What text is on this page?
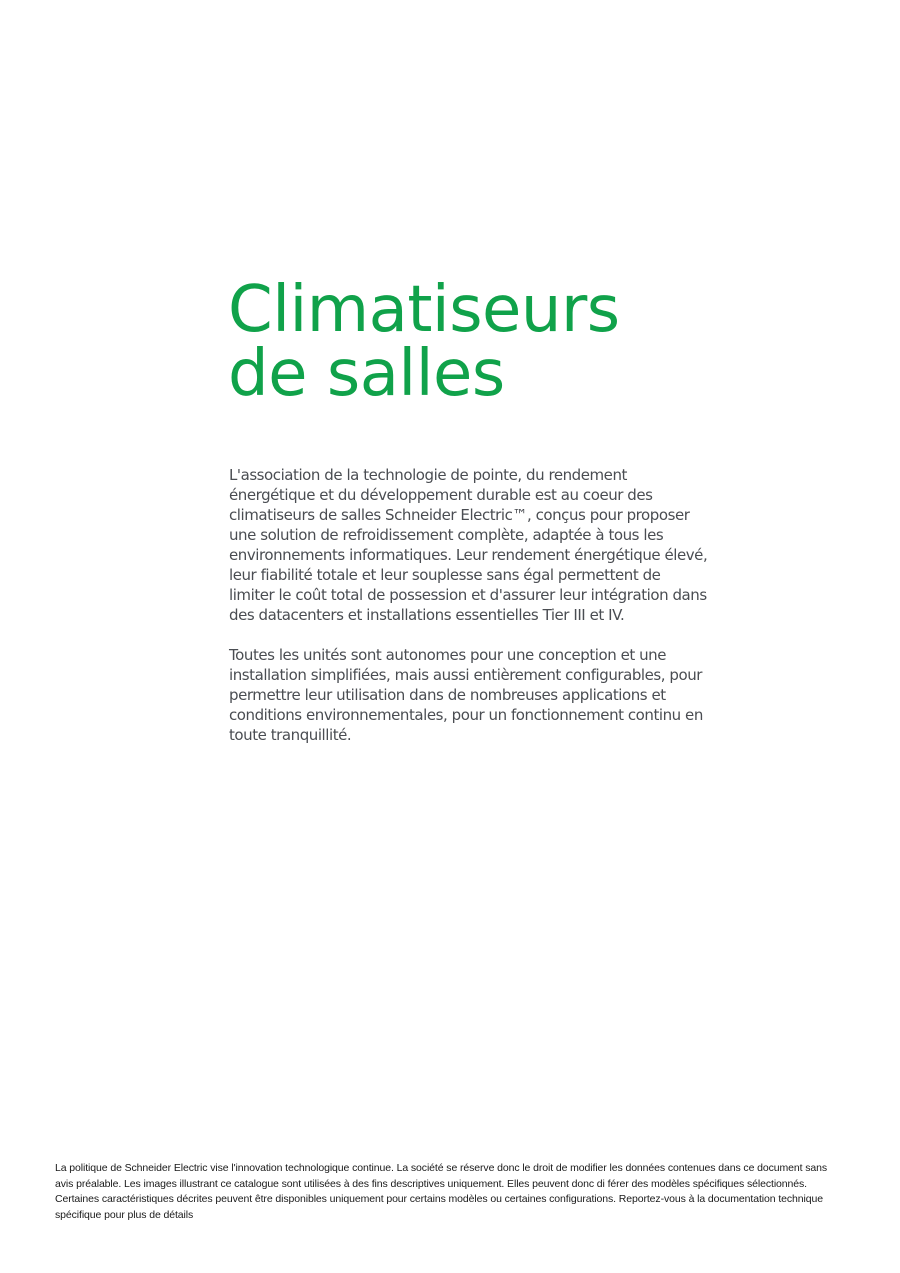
Climatiseurs
de salles

L'association de la technologie de pointe, du rendement énergétique et du développement durable est au coeur des climatiseurs de salles Schneider Electric™, conçus pour proposer une solution de refroidissement complète, adaptée à tous les environnements informatiques. Leur rendement énergétique élevé, leur fiabilité totale et leur souplesse sans égal permettent de limiter le coût total de possession et d'assurer leur intégration dans des datacenters et installations essentielles Tier III et IV.

Toutes les unités sont autonomes pour une conception et une installation simplifiées, mais aussi entièrement configurables, pour permettre leur utilisation dans de nombreuses applications et conditions environnementales, pour un fonctionnement continu en toute tranquillité.

La politique de Schneider Electric vise l'innovation technologique continue. La société se réserve donc le droit de modifier les données contenues dans ce document sans avis préalable. Les images illustrant ce catalogue sont utilisées à des fins descriptives uniquement. Elles peuvent donc di férer des modèles spécifiques sélectionnés. Certaines caractéristiques décrites peuvent être disponibles uniquement pour certains modèles ou certaines configurations. Reportez-vous à la documentation technique spécifique pour plus de détails
